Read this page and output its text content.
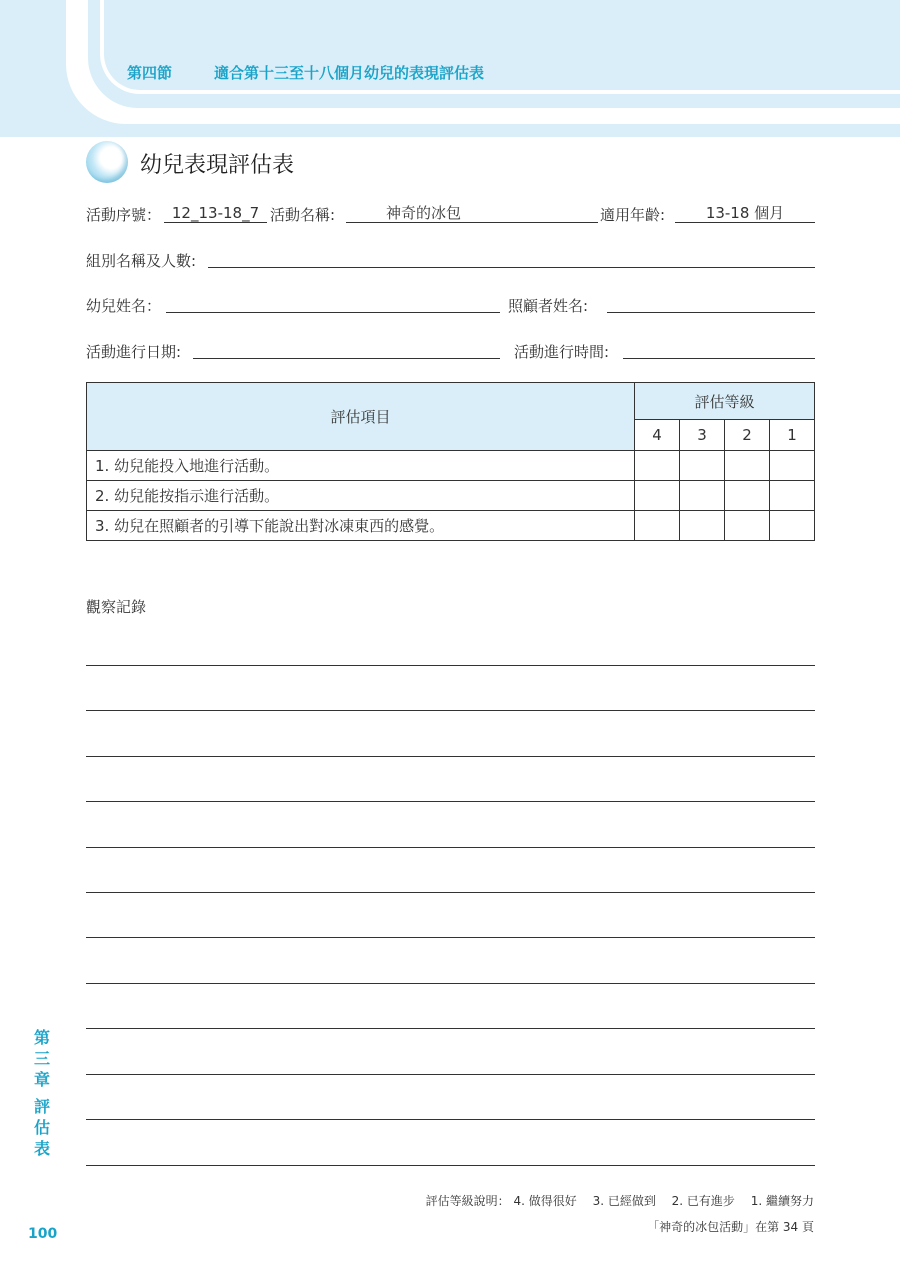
第四節	適合第十三至十八個月幼兒的表現評估表
幼兒表現評估表
活動序號： 12_13-18_7 活動名稱:	神奇的冰包	適用年齡:	13-18 個月
組別名稱及人數:
幼兒姓名：	照顧者姓名:
活動進行日期:	活動進行時間:
評估項目	評估等級			
	4	3	2	1
1. 幼兒能投入地進行活動。				
2. 幼兒能按指示進行活動。				
3. 幼兒在照顧者的引導下能說出對冰凍東西的感覺。				
觀察記錄
第三章
評估表
評估等級說明： 4. 做得很好　 3. 已經做到　 2. 已有進步　 1. 繼續努力
「神奇的冰包活動」在第 34 頁
100
